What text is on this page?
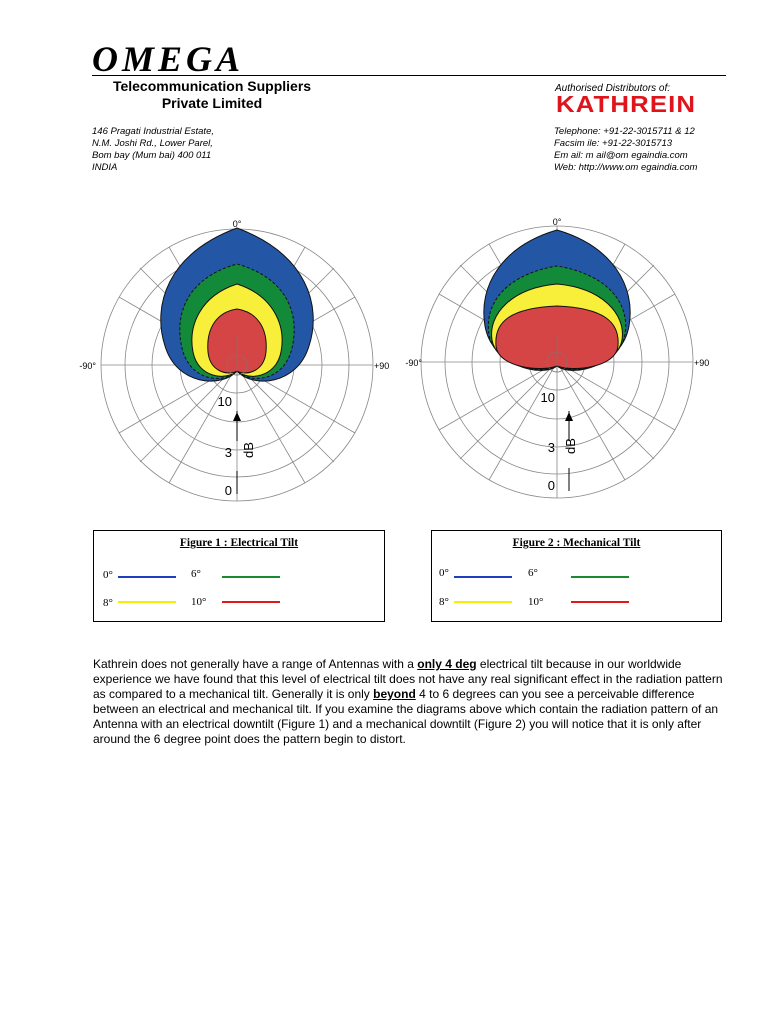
OMEGA
Telecommunication Suppliers
Private Limited
Authorised Distributors of:
KATHREIN
146 Pragati Industrial Estate,
N.M. Joshi Rd., Lower Parel,
Bom bay (Mum bai) 400 011
INDIA
Telephone: +91-22-3015711 & 12
Facsim ile: +91-22-3015713
Em ail: m ail@om egaindia.com
Web: http://www.om egaindia.com
0°
-90°	+90
10
3
0
dB
0°
-90°	+90
10
3
0
dB
Figure 1 : Electrical Tilt
0°	6°
8°	10°
Figure 2 : Mechanical Tilt
0°	6°
8°	10°

Kathrein does not generally have a range of Antennas with a only 4 deg electrical tilt because in our worldwide experience we have found that this level of electrical tilt does not have any real significant effect in the radiation pattern as compared to a mechanical tilt. Generally it is only beyond 4 to 6 degrees can you see a perceivable difference between an electrical and mechanical tilt. If you examine the diagrams above which contain the radiation pattern of an Antenna with an electrical downtilt (Figure 1) and a mechanical downtilt (Figure 2) you will notice that it is only after around the 6 degree point does the pattern begin to distort.
